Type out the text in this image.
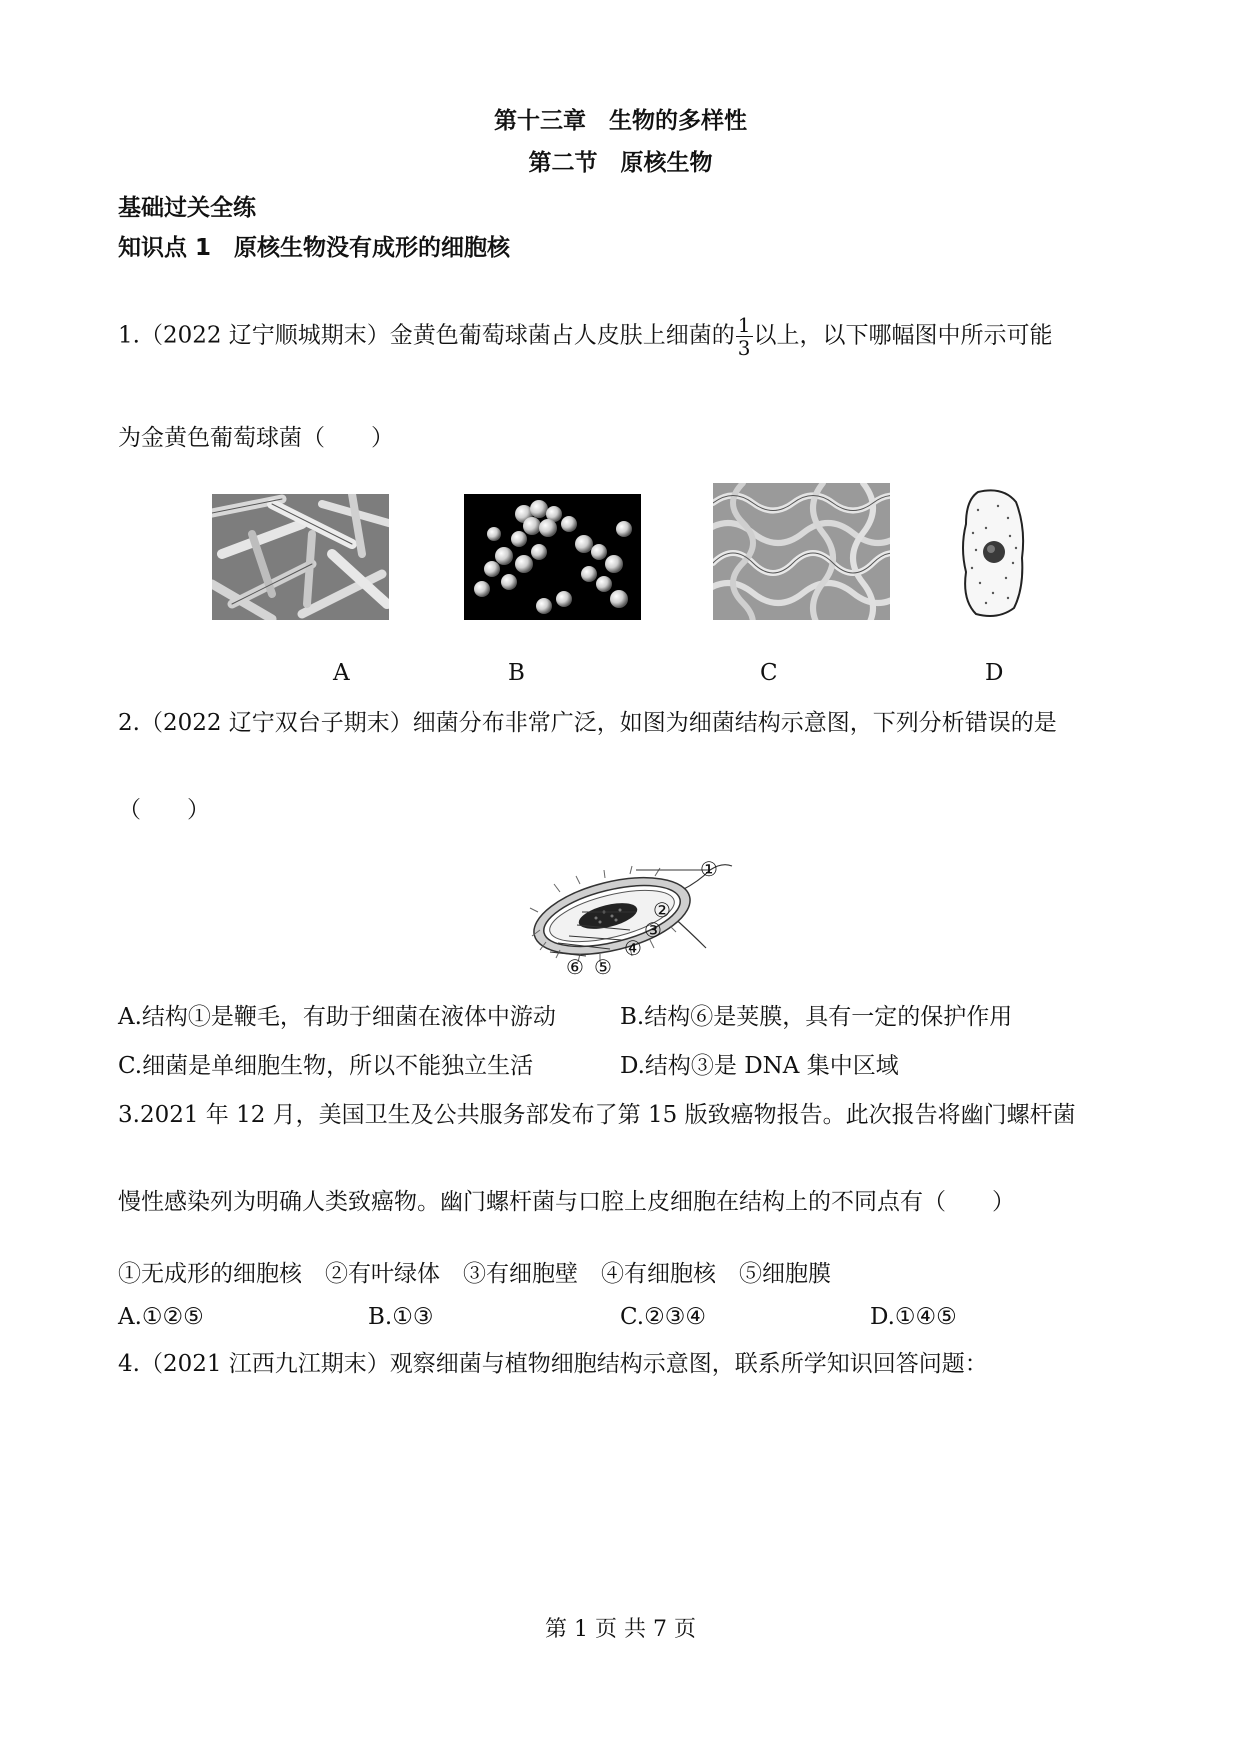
第十三章　生物的多样性
第二节　原核生物
基础过关全练
知识点 1　原核生物没有成形的细胞核
1.（2022 辽宁顺城期末）金黄色葡萄球菌占人皮肤上细菌的 $\frac{1}{3}$ 以上，以下哪幅图中所示可能
为金黄色葡萄球菌（　　）
A	B	C	D
2.（2022 辽宁双台子期末）细菌分布非常广泛，如图为细菌结构示意图，下列分析错误的是
（　　）
①
②
③
④
⑤
⑥
A.结构①是鞭毛，有助于细菌在液体中游动	B.结构⑥是荚膜，具有一定的保护作用
C.细菌是单细胞生物，所以不能独立生活	D.结构③是 DNA 集中区域
3.2021 年 12 月，美国卫生及公共服务部发布了第 15 版致癌物报告。此次报告将幽门螺杆菌
慢性感染列为明确人类致癌物。幽门螺杆菌与口腔上皮细胞在结构上的不同点有（　　）
①无成形的细胞核　②有叶绿体　③有细胞壁　④有细胞核　⑤细胞膜
A.①②⑤	B.①③	C.②③④	D.①④⑤
4.（2021 江西九江期末）观察细菌与植物细胞结构示意图，联系所学知识回答问题：
第 1 页 共 7 页
